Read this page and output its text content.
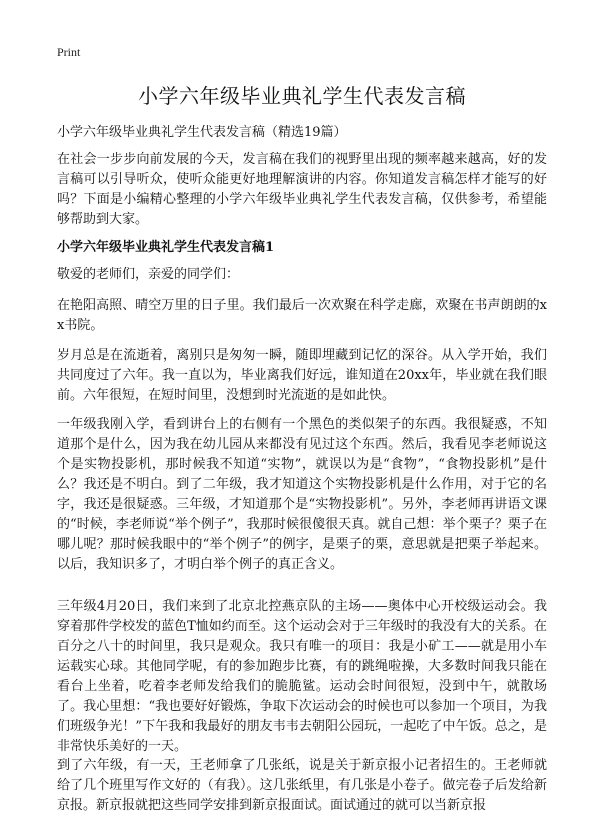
Print
小学六年级毕业典礼学生代表发言稿

小学六年级毕业典礼学生代表发言稿（精选19篇）

在社会一步步向前发展的今天，发言稿在我们的视野里出现的频率越来越高，好的发言稿可以引导听众，使听众能更好地理解演讲的内容。你知道发言稿怎样才能写的好吗？下面是小编精心整理的小学六年级毕业典礼学生代表发言稿，仅供参考，希望能够帮助到大家。

小学六年级毕业典礼学生代表发言稿1

敬爱的老师们，亲爱的同学们：

在艳阳高照、晴空万里的日子里。我们最后一次欢聚在科学走廊，欢聚在书声朗朗的xx书院。

岁月总是在流逝着，离别只是匆匆一瞬，随即埋藏到记忆的深谷。从入学开始，我们共同度过了六年。我一直以为，毕业离我们好远，谁知道在20xx年，毕业就在我们眼前。六年很短，在短时间里，没想到时光流逝的是如此快。

一年级我刚入学，看到讲台上的右侧有一个黑色的类似架子的东西。我很疑惑，不知道那个是什么，因为我在幼儿园从来都没有见过这个东西。然后，我看见李老师说这个是实物投影机，那时候我不知道“实物”，就误以为是“食物”，“食物投影机”是什么？我还是不明白。到了二年级，我才知道这个实物投影机是什么作用，对于它的名字，我还是很疑惑。三年级，才知道那个是“实物投影机”。另外，李老师再讲语文课的“时候，李老师说“举个例子”，我那时候很傻很天真。就自己想：举个栗子？栗子在哪儿呢？那时候我眼中的“举个例子”的例字，是栗子的栗，意思就是把栗子举起来。以后，我知识多了，才明白举个例子的真正含义。

三年级4月20日，我们来到了北京北控燕京队的主场——奥体中心开校级运动会。我穿着那件学校发的蓝色T恤如约而至。这个运动会对于三年级时的我没有大的关系。在百分之八十的时间里，我只是观众。我只有唯一的项目：我是小矿工——就是用小车运载实心球。其他同学呢，有的参加跑步比赛，有的跳绳啦操，大多数时间我只能在看台上坐着，吃着李老师发给我们的脆脆鲨。运动会时间很短，没到中午，就散场了。我心里想：“我也要好好锻炼，争取下次运动会的时候也可以参加一个项目，为我们班级争光！”下午我和我最好的朋友韦韦去朝阳公园玩，一起吃了中午饭。总之，是非常快乐美好的一天。

到了六年级，有一天，王老师拿了几张纸，说是关于新京报小记者招生的。王老师就给了几个班里写作文好的（有我）。这几张纸里，有几张是小卷子。做完卷子后发给新京报。新京报就把这些同学安排到新京报面试。面试通过的就可以当新京报
